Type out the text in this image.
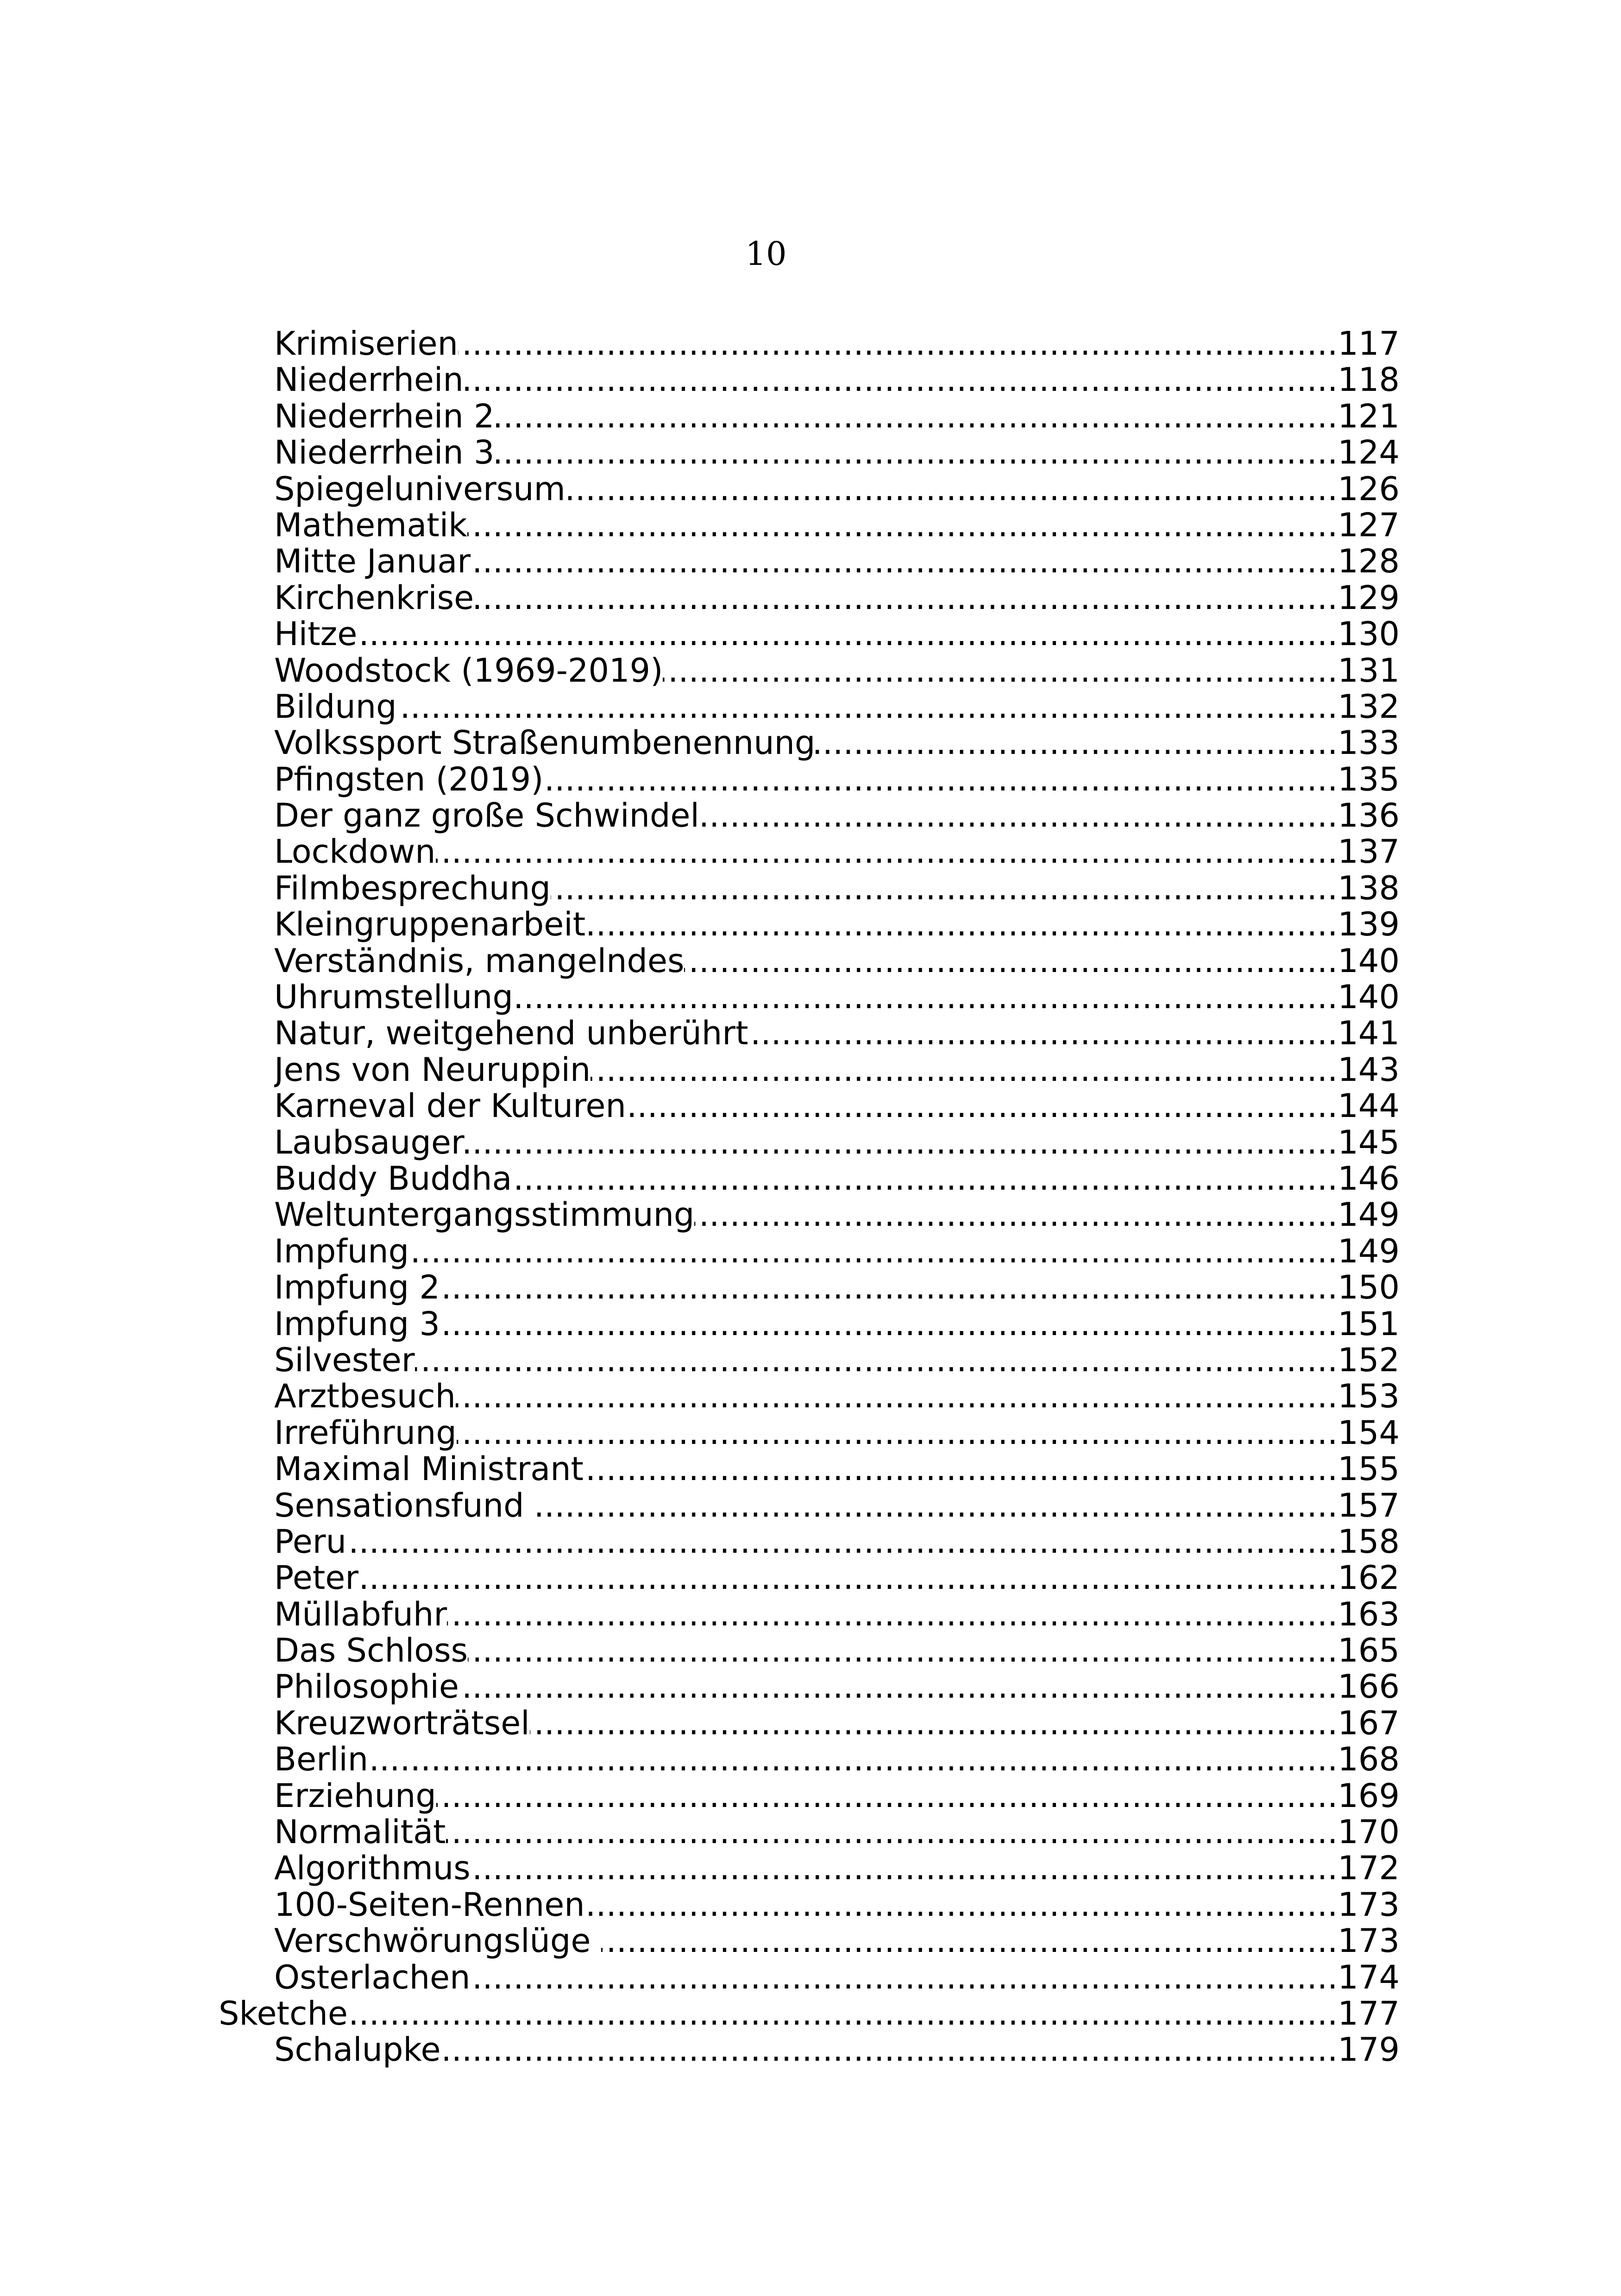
10
Krimiserien .....	117
Niederrhein .....	118
Niederrhein 2 .....	121
Niederrhein 3 .....	124
Spiegeluniversum .....	126
Mathematik .....	127
Mitte Januar .....	128
Kirchenkrise .....	129
Hitze .....	130
Woodstock (1969-2019) .....	131
Bildung .....	132
Volkssport Straßenumbenennung .....	133
Pfingsten (2019) .....	135
Der ganz große Schwindel .....	136
Lockdown .....	137
Filmbesprechung .....	138
Kleingruppenarbeit .....	139
Verständnis, mangelndes .....	140
Uhrumstellung .....	140
Natur, weitgehend unberührt .....	141
Jens von Neuruppin .....	143
Karneval der Kulturen .....	144
Laubsauger .....	145
Buddy Buddha .....	146
Weltuntergangsstimmung .....	149
Impfung .....	149
Impfung 2 .....	150
Impfung 3 .....	151
Silvester .....	152
Arztbesuch .....	153
Irreführung .....	154
Maximal Ministrant .....	155
Sensationsfund .....	157
Peru .....	158
Peter .....	162
Müllabfuhr .....	163
Das Schloss .....	165
Philosophie .....	166
Kreuzworträtsel .....	167
Berlin .....	168
Erziehung .....	169
Normalität .....	170
Algorithmus .....	172
100-Seiten-Rennen .....	173
Verschwörungslüge .....	173
Osterlachen .....	174
Sketche .....	177
Schalupke .....	179
